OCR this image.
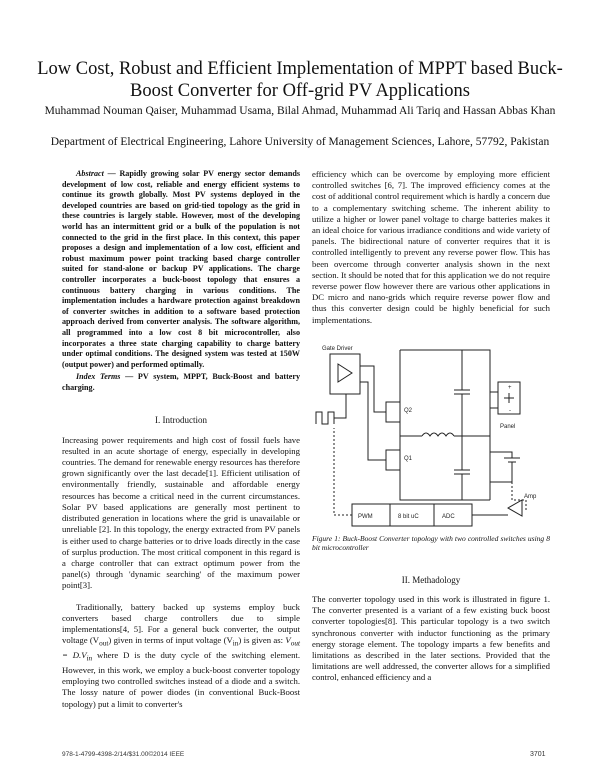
Low Cost, Robust and Efficient Implementation of MPPT based Buck-Boost Converter for Off-grid PV Applications
Muhammad Nouman Qaiser, Muhammad Usama, Bilal Ahmad, Muhammad Ali Tariq and Hassan Abbas Khan
Department of Electrical Engineering, Lahore University of Management Sciences, Lahore, 57792, Pakistan

Abstract — Rapidly growing solar PV energy sector demands development of low cost, reliable and energy efficient systems to continue its growth globally. Most PV systems deployed in the developed countries are based on grid-tied topology as the grid in these countries is largely stable. However, most of the developing world has an intermittent grid or a bulk of the population is not connected to the grid in the first place. In this context, this paper proposes a design and implementation of a low cost, efficient and robust maximum power point tracking based charge controller suited for stand-alone or backup PV applications. The charge controller incorporates a buck-boost topology that ensures a continuous battery charging in various conditions. The implementation includes a hardware protection against breakdown of converter switches in addition to a software based protection approach derived from converter analysis. The software algorithm, all programmed into a low cost 8 bit microcontroller, also incorporates a three state charging capability to charge battery under optimal conditions. The designed system was tested at 150W (output power) and performed optimally.

Index Terms — PV system, MPPT, Buck-Boost and battery charging.

I. Introduction

Increasing power requirements and high cost of fossil fuels have resulted in an acute shortage of energy, especially in developing countries. The demand for renewable energy resources has therefore grown significantly over the last decade[1]. Efficient utilisation of environmentally friendly, sustainable and affordable energy resources has become a critical need in the current circumstances. Solar PV based applications are generally most pertinent to distributed generation in locations where the grid is unavailable or unreliable [2]. In this topology, the energy extracted from PV panels is either used to charge batteries or to drive loads directly in the case of surplus production. The most critical component in this regard is a charge controller that can extract optimum power from the panel(s) through 'dynamic searching' of the maximum power point[3].

Traditionally, battery backed up systems employ buck converters based charge controllers due to simple implementations[4, 5]. For a general buck converter, the output voltage $(V_{out})$ given in terms of input voltage $(V_{in})$ is given as: $V_{out} = D.V_{in}$ where D is the duty cycle of the switching element. However, in this work, we employ a buck-boost converter topology employing two controlled switches instead of a diode and a switch. The lossy nature of power diodes (in conventional Buck-Boost topology) put a limit to converter's

efficiency which can be overcome by employing more efficient controlled switches [6, 7]. The improved efficiency comes at the cost of additional control requirement which is hardly a concern due to a complementary switching scheme. The inherent ability to utilize a higher or lower panel voltage to charge batteries makes it an ideal choice for various irradiance conditions and wide variety of panels. The bidirectional nature of converter requires that it is controlled intelligently to prevent any reverse power flow. This has been overcome through converter analysis shown in the next section. It should be noted that for this application we do not require reverse power flow however there are various other applications in DC micro and nano-grids which require reverse power flow and thus this converter design could be highly beneficial for such implementations.

Gate Driver
Q2
Q1
Panel
+
-
PWM	8 bit uC	ADC
Amp

Figure 1: Buck-Boost Converter topology with two controlled switches using 8 bit microcontroller

II. Methadology

The converter topology used in this work is illustrated in figure 1. The converter presented is a variant of a few existing buck boost converter topologies[8]. This particular topology is a two switch synchronous converter with inductor functioning as the primary energy storage element. The topology imparts a few benefits and limitations as described in the later sections. Provided that the limitations are well addressed, the converter allows for a simplified control, enhanced efficiency and a

978-1-4799-4398-2/14/$31.00©2014 IEEE	3701
